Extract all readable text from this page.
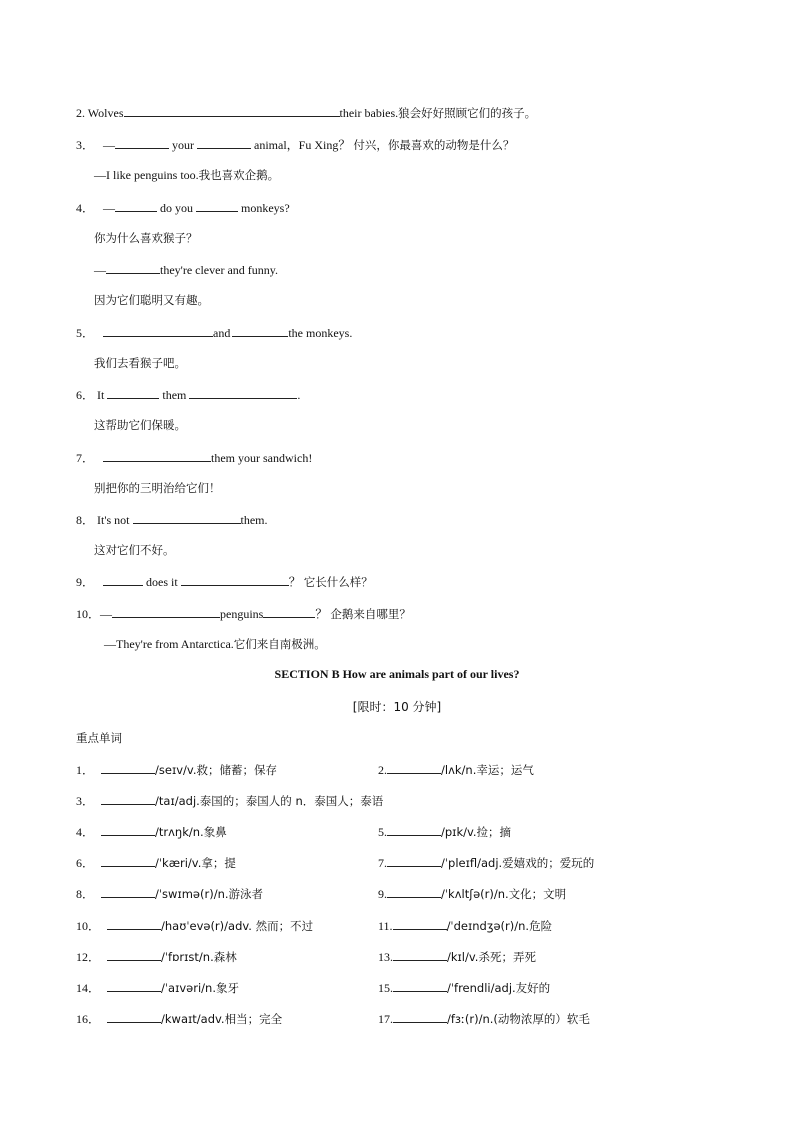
2. Wolves	their babies.狼会好好照顾它们的孩子。
3． —	your	animal，Fu Xing？ 付兴，你最喜欢的动物是什么？
—I like penguins too.我也喜欢企鹅。
4． —	do you	monkeys?
你为什么喜欢猴子？
—	they're clever and funny.
因为它们聪明又有趣。
5．	and	the monkeys.
我们去看猴子吧。
6． It	them	.
这帮助它们保暖。
7．	them your sandwich!
别把你的三明治给它们！
8． It's not	them.
这对它们不好。
9．	does it	？ 它长什么样？
10．—	penguins	？ 企鹅来自哪里？
—They're from Antarctica.它们来自南极洲。
SECTION B How are animals part of our lives?
[限时：10 分钟]
重点单词
1．	/seɪv/v.救；储蓄；保存	2.	/lʌk/n.幸运；运气
3．	/taɪ/adj.泰国的；泰国人的 n．泰国人；泰语
4．	/trʌŋk/n.象鼻	5.	/pɪk/v.捡；摘
6．	/ˈkæri/v.拿；提	7.	/ˈpleɪfl/adj.爱嬉戏的；爱玩的
8．	/ˈswɪmə(r)/n.游泳者	9.	/ˈkʌltʃə(r)/n.文化；文明
10．	/haʊˈevə(r)/adv. 然而；不过	11.	/ˈdeɪndʒə(r)/n.危险
12．	/ˈfɒrɪst/n.森林	13.	/kɪl/v.杀死；弄死
14．	/ˈaɪvəri/n.象牙	15.	/ˈfrendli/adj.友好的
16．	/kwaɪt/adv.相当；完全	17.	/fɜː(r)/n.(动物浓厚的）软毛
